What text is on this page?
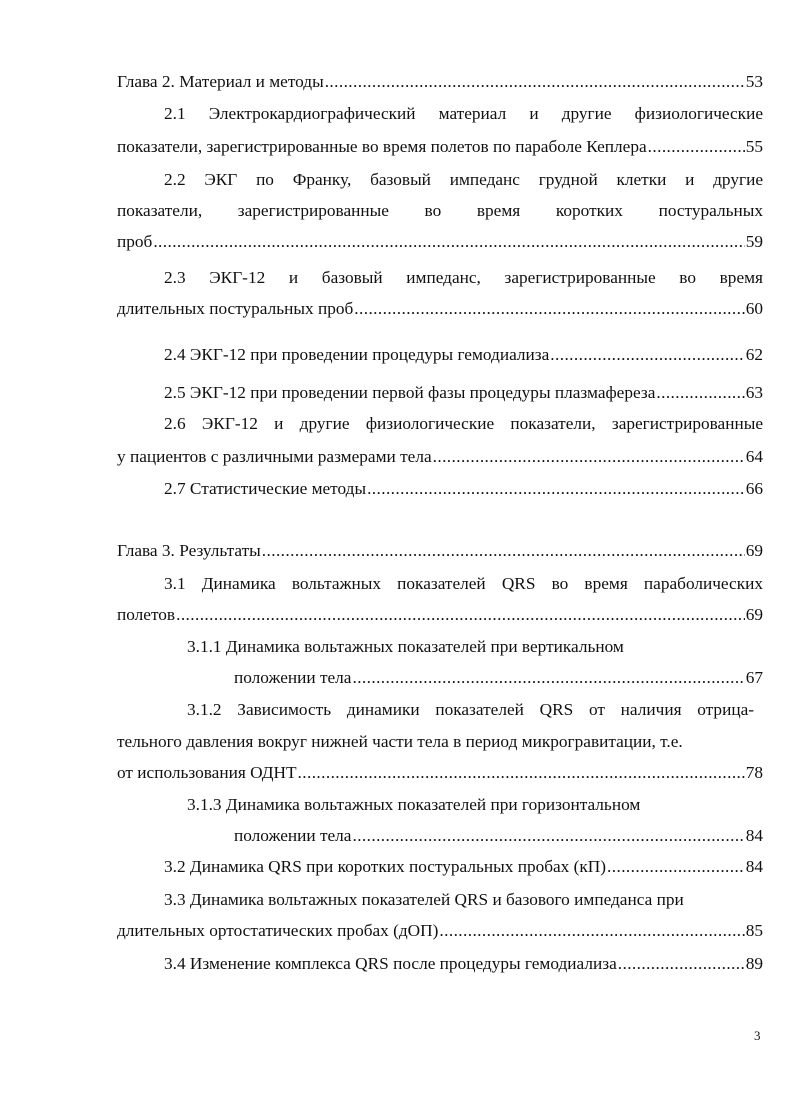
Глава 2. Материал и методы .....	53
2.1 Электрокардиографический материал и другие физиологические
показатели, зарегистрированные во время полетов по параболе Кеплера .....	55
2.2 ЭКГ по Франку, базовый импеданс грудной клетки и другие
показатели, зарегистрированные во время коротких постуральных
проб .....	59
2.3 ЭКГ-12 и базовый импеданс, зарегистрированные во время
длительных постуральных проб .....	60
2.4 ЭКГ-12 при проведении процедуры гемодиализа .....	62
2.5 ЭКГ-12 при проведении первой фазы процедуры плазмафереза .....	63
2.6 ЭКГ-12 и другие физиологические показатели, зарегистрированные
у пациентов с различными размерами тела .....	64
2.7 Статистические методы .....	66
Глава 3. Результаты .....	69
3.1 Динамика вольтажных показателей QRS во время параболических
полетов .....	69
3.1.1 Динамика вольтажных показателей при вертикальном
положении тела .....	67
3.1.2 Зависимость динамики показателей QRS от наличия отрица-
тельного давления вокруг нижней части тела в период микрогравитации, т.е.
от использования ОДНТ .....	78
3.1.3 Динамика вольтажных показателей при горизонтальном
положении тела .....	84
3.2 Динамика QRS при коротких постуральных пробах (кП) .....	84
3.3 Динамика вольтажных показателей QRS и базового импеданса при
длительных ортостатических пробах (дОП) .....	85
3.4 Изменение комплекса QRS после процедуры гемодиализа .....	89
3
